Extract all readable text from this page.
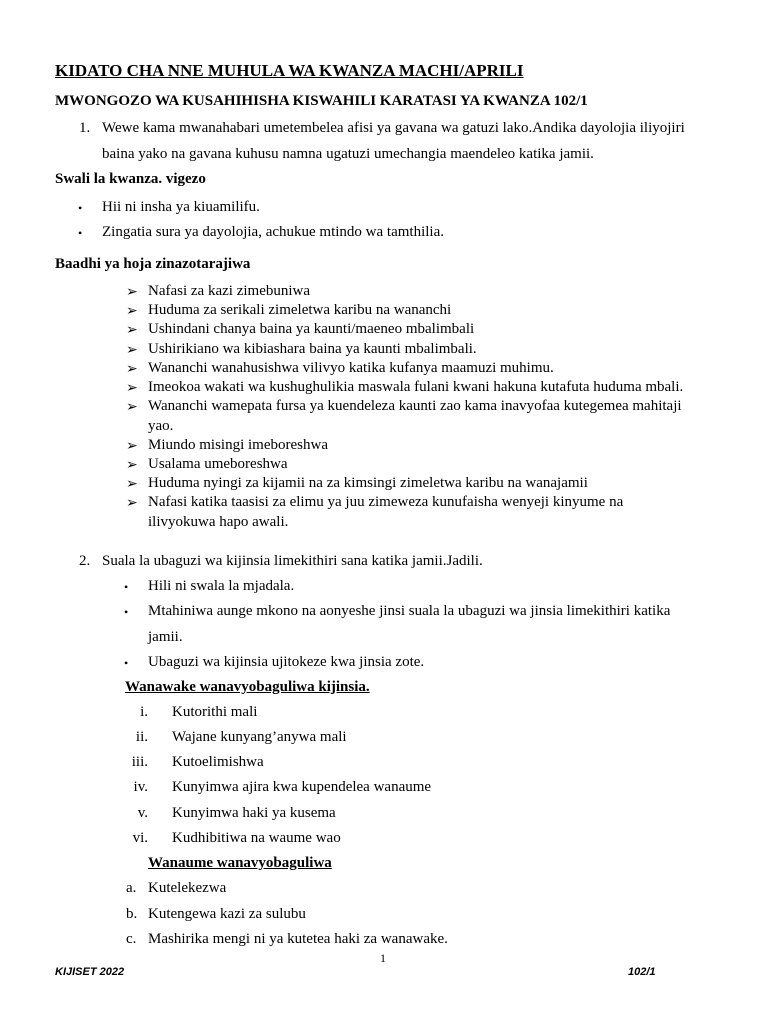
KIDATO CHA NNE MUHULA WA KWANZA MACHI/APRILI
MWONGOZO WA KUSAHIHISHA KISWAHILI KARATASI YA KWANZA 102/1
1. Wewe kama mwanahabari umetembelea afisi ya gavana wa gatuzi lako.Andika dayolojia iliyojiri
baina yako na gavana kuhusu namna ugatuzi umechangia maendeleo katika jamii.
Swali la kwanza. vigezo
• Hii ni insha ya kiuamilifu.
• Zingatia sura ya dayolojia, achukue mtindo wa tamthilia.
Baadhi ya hoja zinazotarajiwa
➢ Nafasi za kazi zimebuniwa
➢ Huduma za serikali zimeletwa karibu na wananchi
➢ Ushindani chanya baina ya kaunti/maeneo mbalimbali
➢ Ushirikiano wa kibiashara baina ya kaunti mbalimbali.
➢ Wananchi wanahusishwa vilivyo katika kufanya maamuzi muhimu.
➢ Imeokoa wakati wa kushughulikia maswala fulani kwani hakuna kutafuta huduma mbali.
➢ Wananchi wamepata fursa ya kuendeleza kaunti zao kama inavyofaa kutegemea mahitaji
yao.
➢ Miundo misingi imeboreshwa
➢ Usalama umeboreshwa
➢ Huduma nyingi za kijamii na za kimsingi zimeletwa karibu na wanajamii
➢ Nafasi katika taasisi za elimu ya juu zimeweza kunufaisha wenyeji kinyume na
ilivyokuwa hapo awali.
2. Suala la ubaguzi wa kijinsia limekithiri sana katika jamii.Jadili.
• Hili ni swala la mjadala.
• Mtahiniwa aunge mkono na aonyeshe jinsi suala la ubaguzi wa jinsia limekithiri katika
jamii.
• Ubaguzi wa kijinsia ujitokeze kwa jinsia zote.
Wanawake wanavyobaguliwa kijinsia.
i. Kutorithi mali
ii. Wajane kunyang’anywa mali
iii. Kutoelimishwa
iv. Kunyimwa ajira kwa kupendelea wanaume
v. Kunyimwa haki ya kusema
vi. Kudhibitiwa na waume wao
Wanaume wanavyobaguliwa
a. Kutelekezwa
b. Kutengewa kazi za sulubu
c. Mashirika mengi ni ya kutetea haki za wanawake.
1
KIJISET 2022	102/1
